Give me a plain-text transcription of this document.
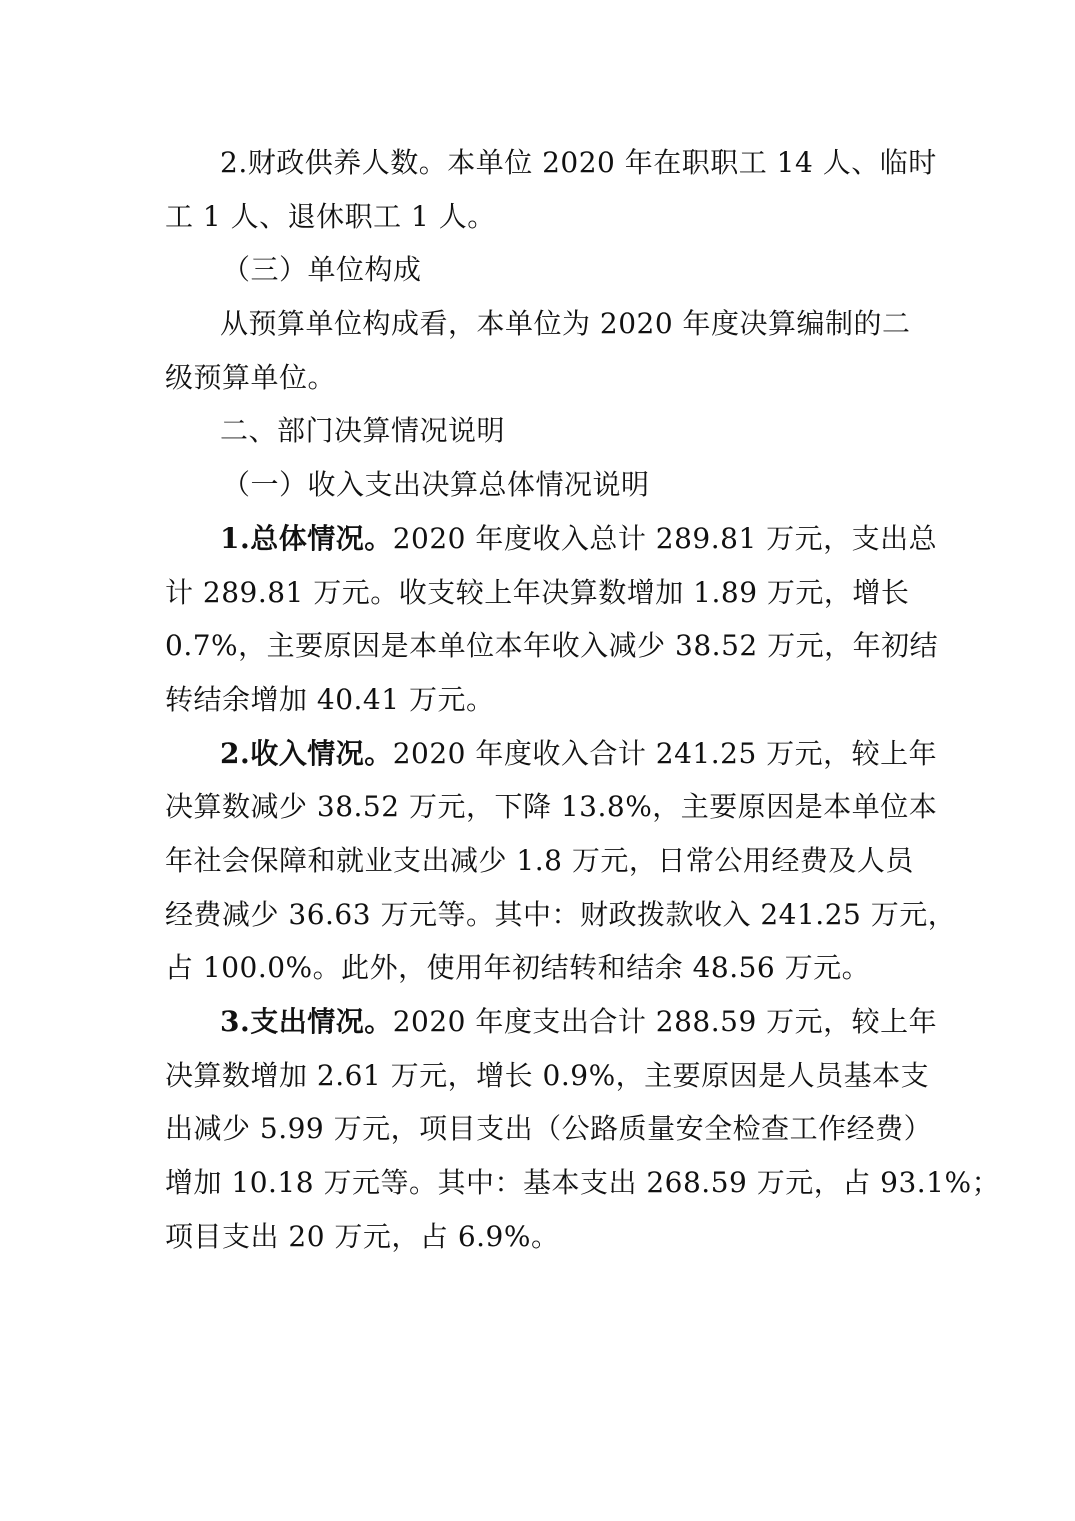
2.财政供养人数。本单位 2020 年在职职工 14 人、临时
工 1 人、退休职工 1 人。
（三）单位构成
从预算单位构成看，本单位为 2020 年度决算编制的二
级预算单位。
二、部门决算情况说明
（一）收入支出决算总体情况说明
1.总体情况。2020 年度收入总计 289.81 万元，支出总
计 289.81 万元。收支较上年决算数增加 1.89 万元，增长
0.7%，主要原因是本单位本年收入减少 38.52 万元，年初结
转结余增加 40.41 万元。
2.收入情况。2020 年度收入合计 241.25 万元，较上年
决算数减少 38.52 万元，下降 13.8%，主要原因是本单位本
年社会保障和就业支出减少 1.8 万元，日常公用经费及人员
经费减少 36.63 万元等。其中：财政拨款收入 241.25 万元，
占 100.0%。此外，使用年初结转和结余 48.56 万元。
3.支出情况。2020 年度支出合计 288.59 万元，较上年
决算数增加 2.61 万元，增长 0.9%，主要原因是人员基本支
出减少 5.99 万元，项目支出（公路质量安全检查工作经费）
增加 10.18 万元等。其中：基本支出 268.59 万元，占 93.1%；
项目支出 20 万元，占 6.9%。
